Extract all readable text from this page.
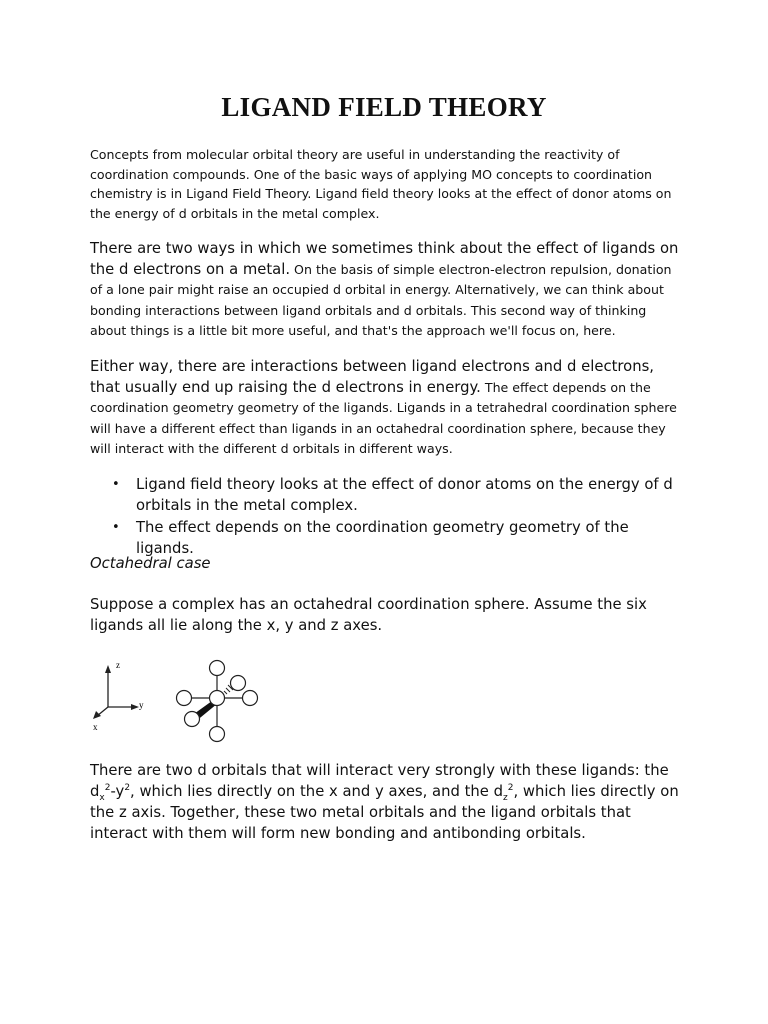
LIGAND FIELD THEORY
Concepts from molecular orbital theory are useful in understanding the reactivity of coordination compounds. One of the basic ways of applying MO concepts to coordination chemistry is in Ligand Field Theory. Ligand field theory looks at the effect of donor atoms on the energy of d orbitals in the metal complex.
There are two ways in which we sometimes think about the effect of ligands on the d electrons on a metal. On the basis of simple electron-electron repulsion, donation of a lone pair might raise an occupied d orbital in energy. Alternatively, we can think about bonding interactions between ligand orbitals and d orbitals. This second way of thinking about things is a little bit more useful, and that's the approach we'll focus on, here.
Either way, there are interactions between ligand electrons and d electrons, that usually end up raising the d electrons in energy. The effect depends on the coordination geometry geometry of the ligands. Ligands in a tetrahedral coordination sphere will have a different effect than ligands in an octahedral coordination sphere, because they will interact with the different d orbitals in different ways.
• Ligand field theory looks at the effect of donor atoms on the energy of d orbitals in the metal complex.
• The effect depends on the coordination geometry geometry of the ligands.
Octahedral case
Suppose a complex has an octahedral coordination sphere. Assume the six ligands all lie along the x, y and z axes.
z
y
x
There are two d orbitals that will interact very strongly with these ligands: the $d_x^2-y^2$, which lies directly on the x and y axes, and the $d_z^2$, which lies directly on the z axis. Together, these two metal orbitals and the ligand orbitals that interact with them will form new bonding and antibonding orbitals.
